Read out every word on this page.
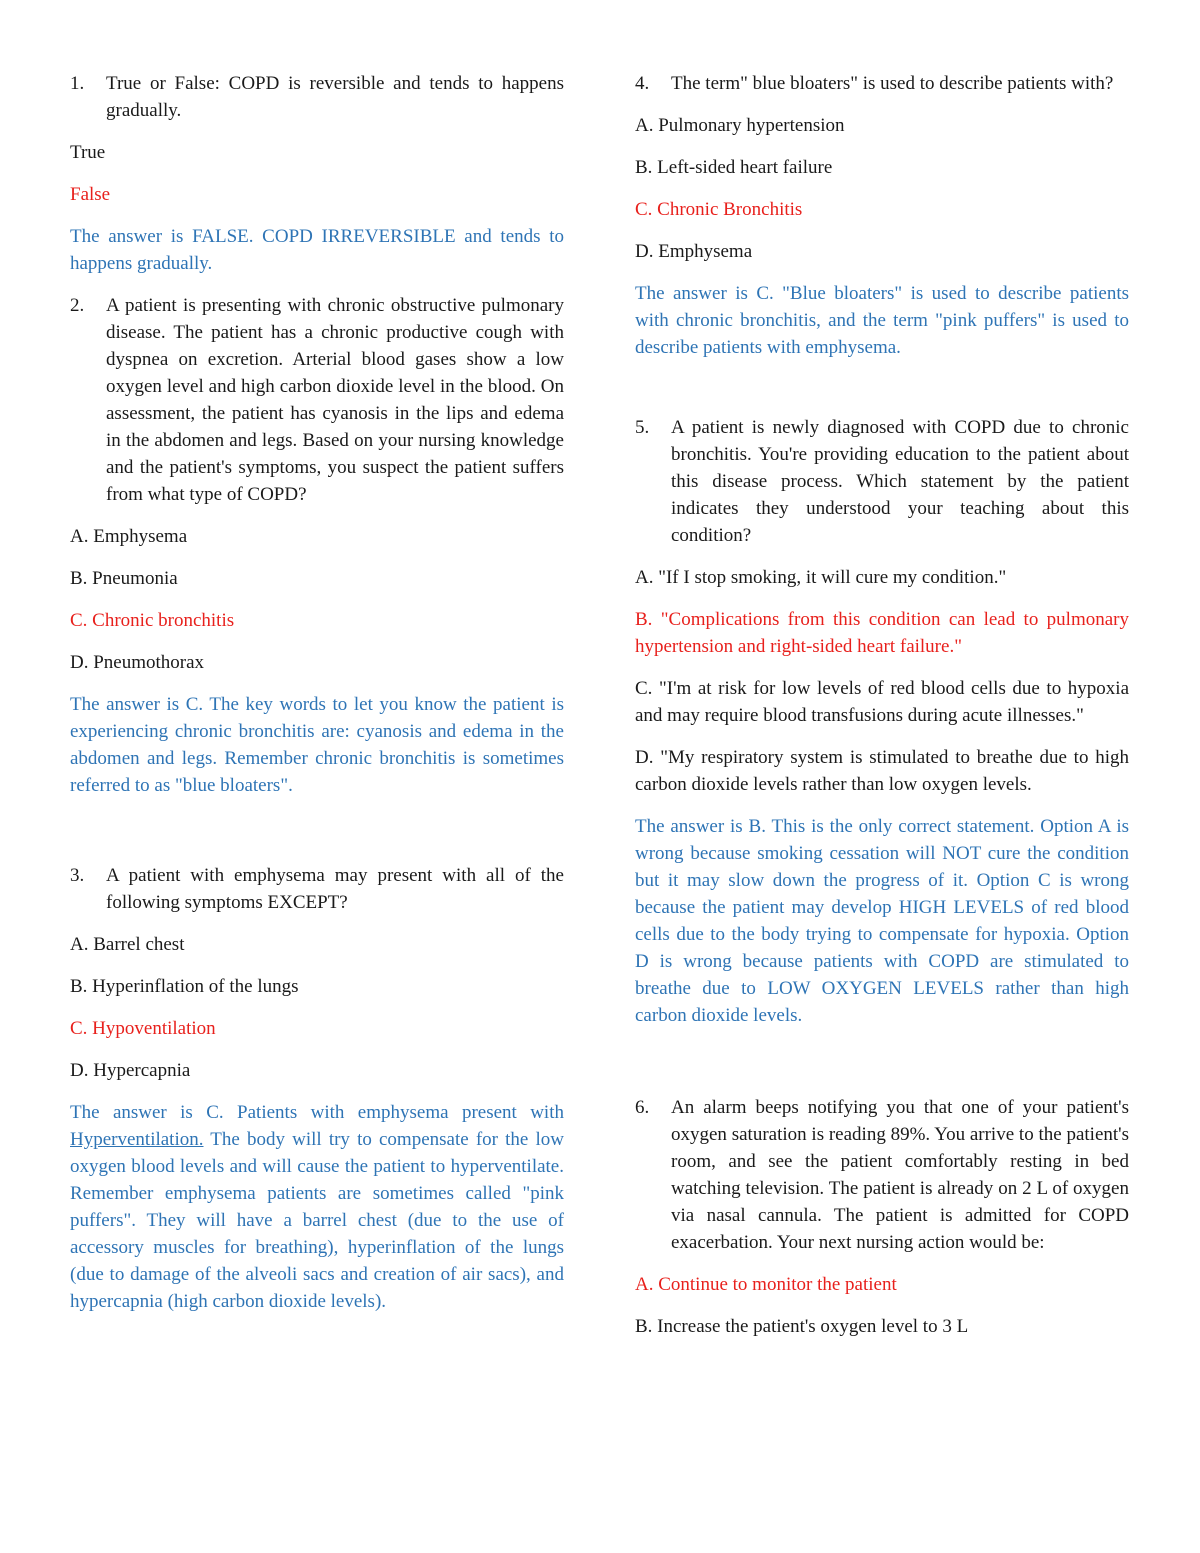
1.	True or False: COPD is reversible and tends to happens gradually.

True

False

The answer is FALSE. COPD IRREVERSIBLE and tends to happens gradually.

2.	A patient is presenting with chronic obstructive pulmonary disease. The patient has a chronic productive cough with dyspnea on excretion. Arterial blood gases show a low oxygen level and high carbon dioxide level in the blood. On assessment, the patient has cyanosis in the lips and edema in the abdomen and legs. Based on your nursing knowledge and the patient's symptoms, you suspect the patient suffers from what type of COPD?

A. Emphysema

B. Pneumonia

C. Chronic bronchitis

D. Pneumothorax

The answer is C. The key words to let you know the patient is experiencing chronic bronchitis are: cyanosis and edema in the abdomen and legs. Remember chronic bronchitis is sometimes referred to as "blue bloaters".

3.	A patient with emphysema may present with all of the following symptoms EXCEPT?

A. Barrel chest

B. Hyperinflation of the lungs

C. Hypoventilation

D. Hypercapnia

The answer is C. Patients with emphysema present with Hyperventilation. The body will try to compensate for the low oxygen blood levels and will cause the patient to hyperventilate. Remember emphysema patients are sometimes called "pink puffers". They will have a barrel chest (due to the use of accessory muscles for breathing), hyperinflation of the lungs (due to damage of the alveoli sacs and creation of air sacs), and hypercapnia (high carbon dioxide levels).

4.	The term" blue bloaters" is used to describe patients with?

A. Pulmonary hypertension

B. Left-sided heart failure

C. Chronic Bronchitis

D. Emphysema

The answer is C. "Blue bloaters" is used to describe patients with chronic bronchitis, and the term "pink puffers" is used to describe patients with emphysema.

5.	A patient is newly diagnosed with COPD due to chronic bronchitis. You're providing education to the patient about this disease process. Which statement by the patient indicates they understood your teaching about this condition?

A. "If I stop smoking, it will cure my condition."

B. "Complications from this condition can lead to pulmonary hypertension and right-sided heart failure."

C. "I'm at risk for low levels of red blood cells due to hypoxia and may require blood transfusions during acute illnesses."

D. "My respiratory system is stimulated to breathe due to high carbon dioxide levels rather than low oxygen levels.

The answer is B. This is the only correct statement. Option A is wrong because smoking cessation will NOT cure the condition but it may slow down the progress of it. Option C is wrong because the patient may develop HIGH LEVELS of red blood cells due to the body trying to compensate for hypoxia. Option D is wrong because patients with COPD are stimulated to breathe due to LOW OXYGEN LEVELS rather than high carbon dioxide levels.

6.	An alarm beeps notifying you that one of your patient's oxygen saturation is reading 89%. You arrive to the patient's room, and see the patient comfortably resting in bed watching television. The patient is already on 2 L of oxygen via nasal cannula. The patient is admitted for COPD exacerbation. Your next nursing action would be:

A. Continue to monitor the patient

B. Increase the patient's oxygen level to 3 L
